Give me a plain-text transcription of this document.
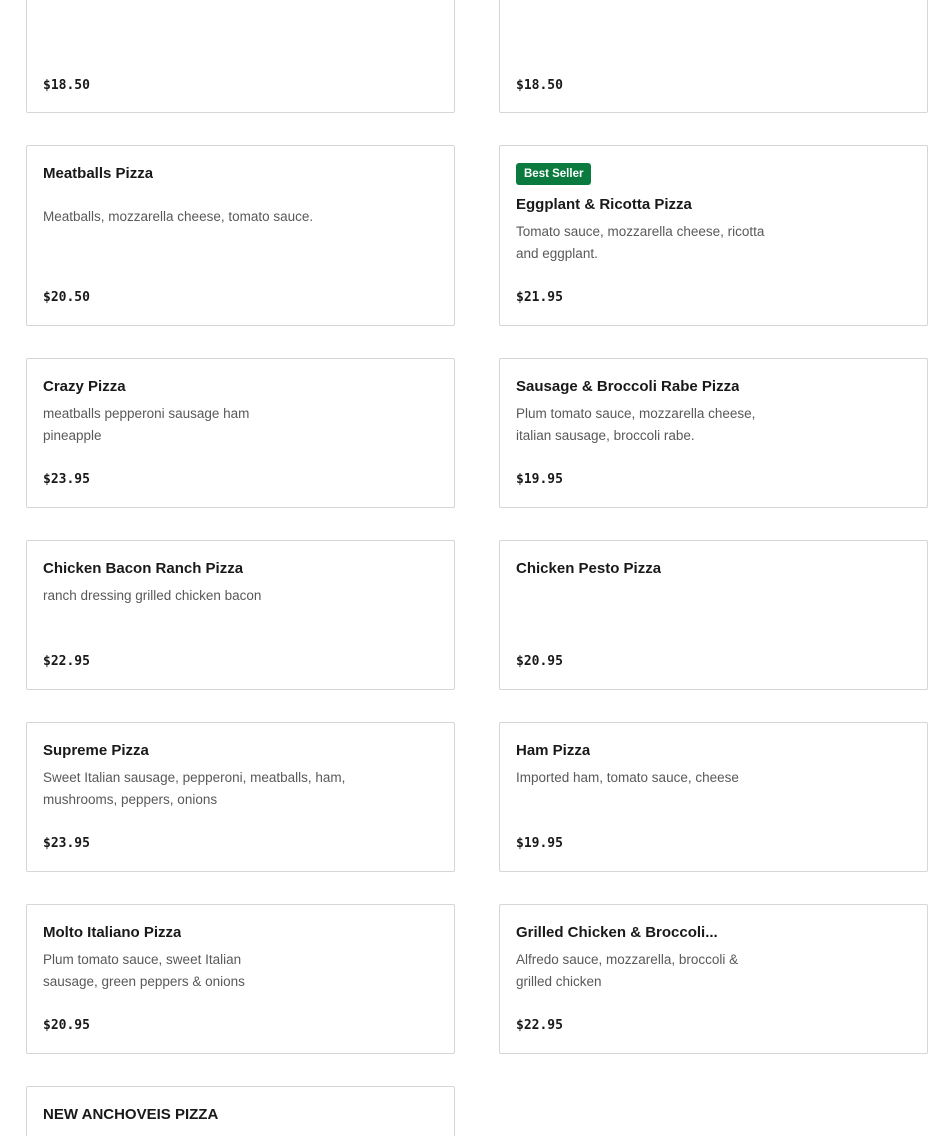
$18.50	$18.50
Meatballs Pizza
Meatballs, mozzarella cheese, tomato sauce.
$20.50
Best Seller
Eggplant & Ricotta Pizza
Tomato sauce, mozzarella cheese, ricotta and eggplant.
$21.95
Crazy Pizza
meatballs pepperoni sausage ham pineapple
$23.95
Sausage & Broccoli Rabe Pizza
Plum tomato sauce, mozzarella cheese, italian sausage, broccoli rabe.
$19.95
Chicken Bacon Ranch Pizza
ranch dressing grilled chicken bacon
$22.95
Chicken Pesto Pizza
$20.95
Supreme Pizza
Sweet Italian sausage, pepperoni, meatballs, ham, mushrooms, peppers, onions
$23.95
Ham Pizza
Imported ham, tomato sauce, cheese
$19.95
Molto Italiano Pizza
Plum tomato sauce, sweet Italian sausage, green peppers & onions
$20.95
Grilled Chicken & Broccoli...
Alfredo sauce, mozzarella, broccoli & grilled chicken
$22.95
NEW ANCHOVEIS PIZZA
